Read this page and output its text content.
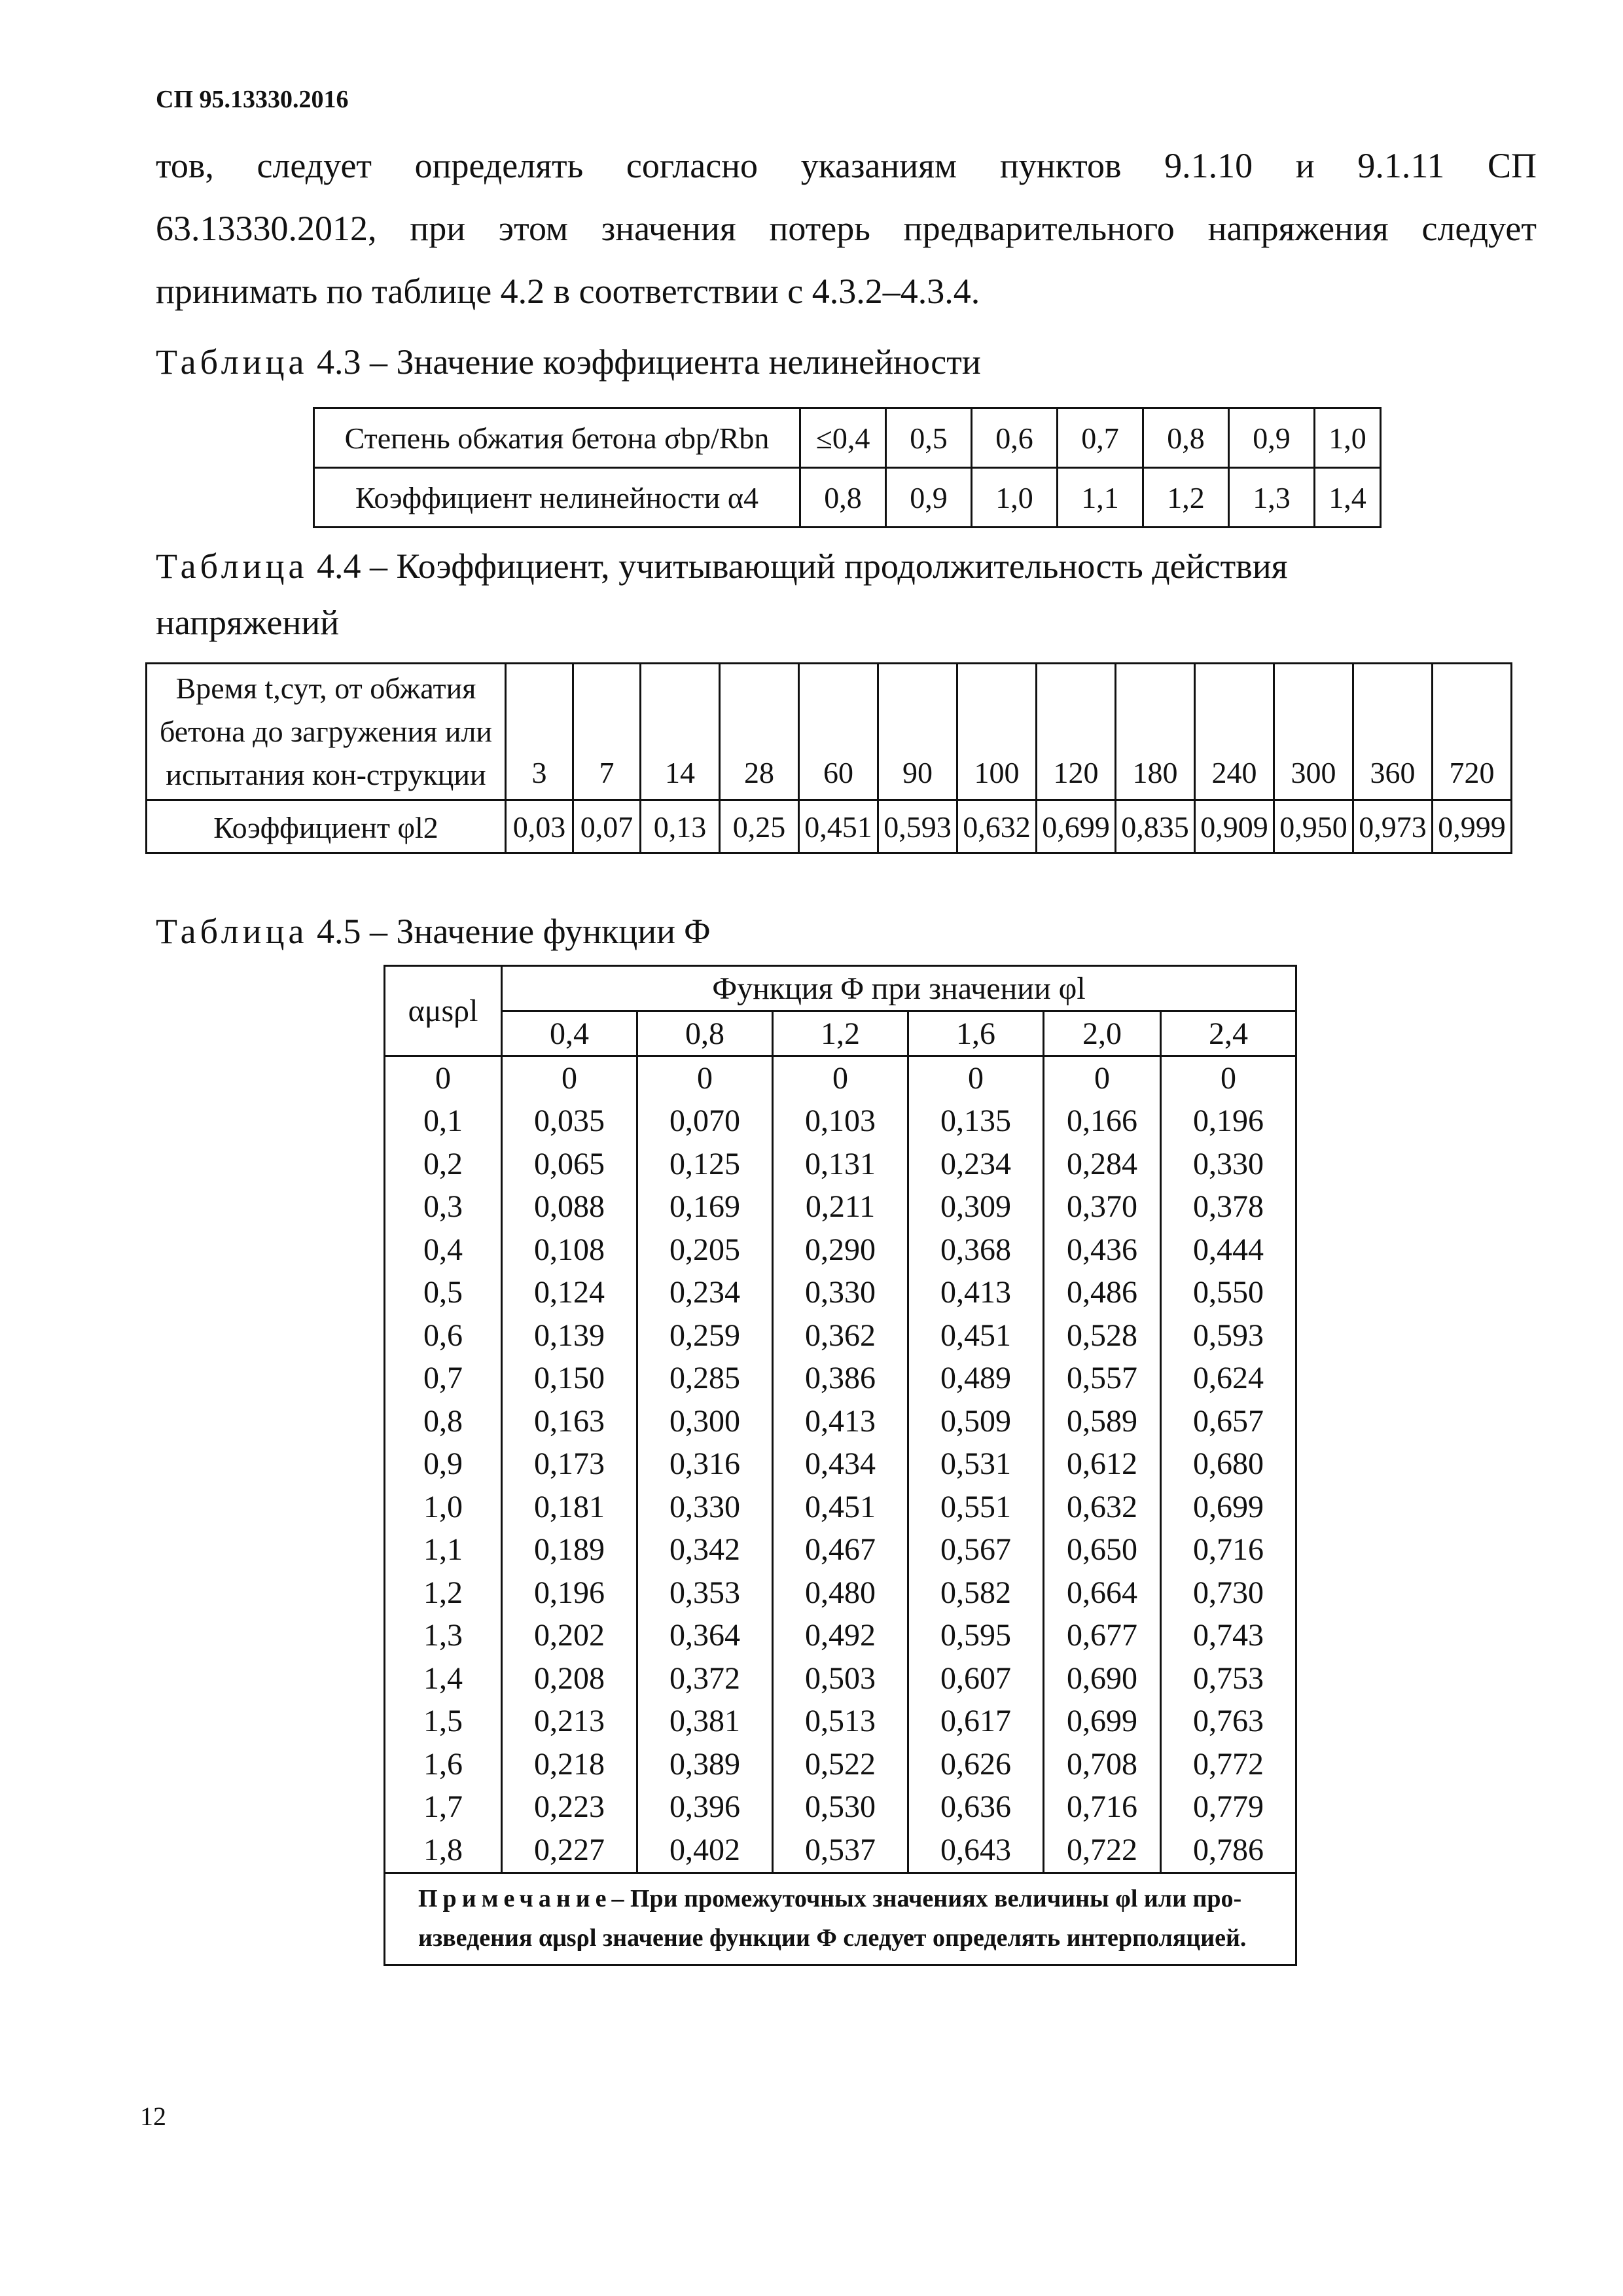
СП 95.13330.2016
тов, следует определять согласно указаниям пунктов 9.1.10 и 9.1.11 СП
63.13330.2012, при этом значения потерь предварительного напряжения следует
принимать по таблице 4.2 в соответствии с 4.3.2–4.3.4.
Таблица 4.3 – Значение коэффициента нелинейности
Степень обжатия бетона σbp/Rbn	≤0,4	0,5	0,6	0,7	0,8	0,9	1,0
Коэффициент нелинейности α4	0,8	0,9	1,0	1,1	1,2	1,3	1,4
Таблица 4.4 – Коэффициент, учитывающий продолжительность действия
напряжений
Время t,сут, от обжатия бетона до загружения или испытания кон-струкции	3	7	14	28	60	90	100	120	180	240	300	360	720
Коэффициент φl2	0,03	0,07	0,13	0,25	0,451	0,593	0,632	0,699	0,835	0,909	0,950	0,973	0,999
Таблица 4.5 – Значение функции Φ
αμsρl	Функция Φ при значении φl					
	0,4	0,8	1,2	1,6	2,0	2,4
0	0	0	0	0	0	0
0,1	0,035	0,070	0,103	0,135	0,166	0,196
0,2	0,065	0,125	0,131	0,234	0,284	0,330
0,3	0,088	0,169	0,211	0,309	0,370	0,378
0,4	0,108	0,205	0,290	0,368	0,436	0,444
0,5	0,124	0,234	0,330	0,413	0,486	0,550
0,6	0,139	0,259	0,362	0,451	0,528	0,593
0,7	0,150	0,285	0,386	0,489	0,557	0,624
0,8	0,163	0,300	0,413	0,509	0,589	0,657
0,9	0,173	0,316	0,434	0,531	0,612	0,680
1,0	0,181	0,330	0,451	0,551	0,632	0,699
1,1	0,189	0,342	0,467	0,567	0,650	0,716
1,2	0,196	0,353	0,480	0,582	0,664	0,730
1,3	0,202	0,364	0,492	0,595	0,677	0,743
1,4	0,208	0,372	0,503	0,607	0,690	0,753
1,5	0,213	0,381	0,513	0,617	0,699	0,763
1,6	0,218	0,389	0,522	0,626	0,708	0,772
1,7	0,223	0,396	0,530	0,636	0,716	0,779
1,8	0,227	0,402	0,537	0,643	0,722	0,786
Примечание– При промежуточных значениях величины φl или про-изведения αμsρl значение функции Φ следует определять интерполяцией.						
12
